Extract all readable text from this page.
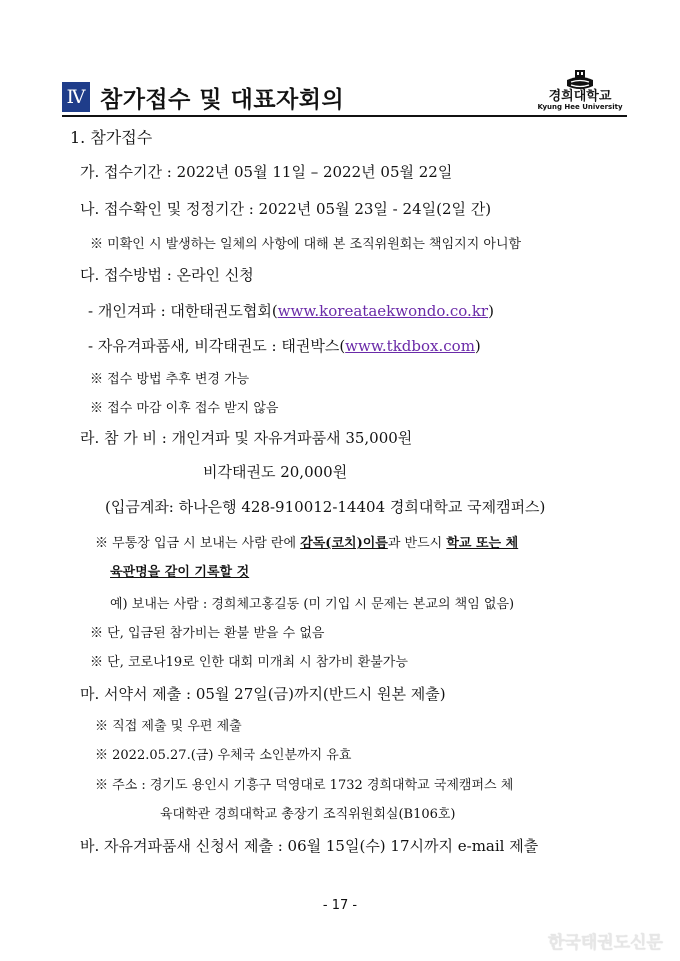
Ⅳ 참가접수 및 대표자회의	경희대학교
Kyung Hee University
1. 참가접수
가. 접수기간 : 2022년 05월 11일 – 2022년 05월 22일
나. 접수확인 및 정정기간 : 2022년 05월 23일 - 24일(2일 간)
※ 미확인 시 발생하는 일체의 사항에 대해 본 조직위원회는 책임지지 아니함
다. 접수방법 : 온라인 신청
- 개인겨파 : 대한태권도협회(www.koreataekwondo.co.kr)
- 자유겨파품새, 비각태권도 : 태권박스(www.tkdbox.com)
※ 접수 방법 추후 변경 가능
※ 접수 마감 이후 접수 받지 않음
라. 참 가 비 : 개인겨파 및 자유겨파품새 35,000원
비각태권도 20,000원
(입금계좌: 하나은행 428-910012-14404 경희대학교 국제캠퍼스)
※ 무통장 입금 시 보내는 사람 란에 감독(코치)이름과 반드시 학교 또는 체
육관명을 같이 기록할 것
예) 보내는 사람 : 경희체고홍길동 (미 기입 시 문제는 본교의 책임 없음)
※ 단, 입금된 참가비는 환불 받을 수 없음
※ 단, 코로나19로 인한 대회 미개최 시 참가비 환불가능
마. 서약서 제출 : 05월 27일(금)까지(반드시 원본 제출)
※ 직접 제출 및 우편 제출
※ 2022.05.27.(금) 우체국 소인분까지 유효
※ 주소 : 경기도 용인시 기흥구 덕영대로 1732 경희대학교 국제캠퍼스 체
육대학관 경희대학교 총장기 조직위원회실(B106호)
바. 자유겨파품새 신청서 제출 : 06월 15일(수) 17시까지 e-mail 제출
- 17 -
한국태권도신문
